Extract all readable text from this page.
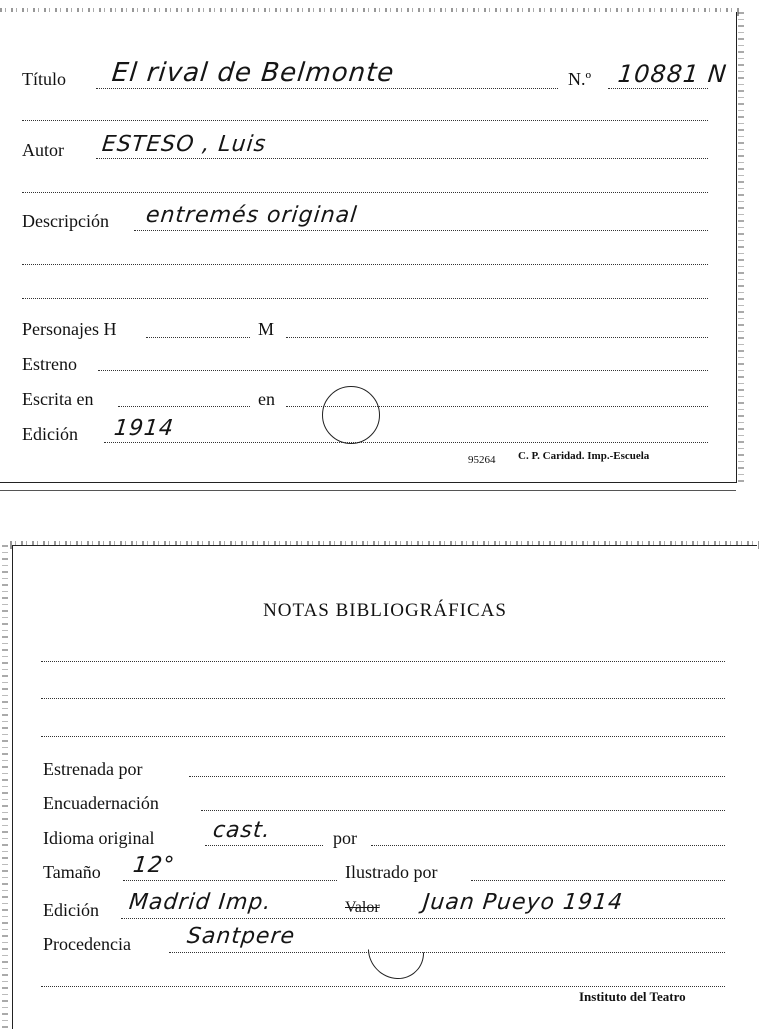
Título El rival de Belmonte	N.º 10881 N
Autor ESTESO , Luis
Descripción entremés original
Personajes H	M
Estreno
Escrita en	en
Edición 1914
95264 C. P. Caridad. Imp.-Escuela
NOTAS BIBLIOGRÁFICAS
Estrenada por
Encuadernación
Idioma original	cast.	por
Tamaño 12°	Ilustrado por
Edición Madrid Imp.	Valor Juan Pueyo 1914
Procedencia Santpere
Instituto del Teatro
